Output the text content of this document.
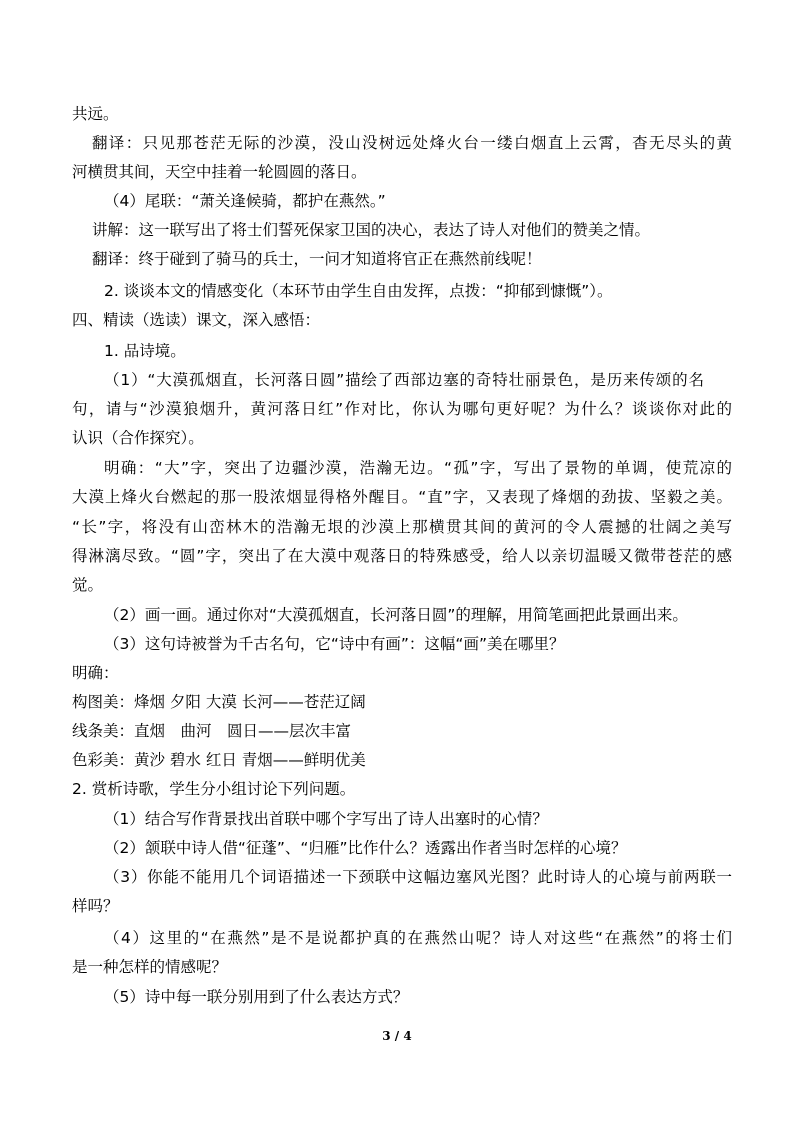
共远。
翻译：只见那苍茫无际的沙漠，没山没树远处烽火台一缕白烟直上云霄，杳无尽头的黄
河横贯其间，天空中挂着一轮圆圆的落日。
（4）尾联：“萧关逢候骑，都护在燕然。”
讲解：这一联写出了将士们誓死保家卫国的决心，表达了诗人对他们的赞美之情。
翻译：终于碰到了骑马的兵士，一问才知道将官正在燕然前线呢！
2. 谈谈本文的情感变化（本环节由学生自由发挥，点拨：“抑郁到慷慨”）。
四、精读（选读）课文，深入感悟：
1. 品诗境。
（1）“大漠孤烟直，长河落日圆”描绘了西部边塞的奇特壮丽景色，是历来传颂的名
句，请与“沙漠狼烟升，黄河落日红”作对比，你认为哪句更好呢？为什么？谈谈你对此的
认识（合作探究）。
明确：“大”字，突出了边疆沙漠，浩瀚无边。“孤”字，写出了景物的单调，使荒凉的
大漠上烽火台燃起的那一股浓烟显得格外醒目。“直”字，又表现了烽烟的劲拔、坚毅之美。
“长”字，将没有山峦林木的浩瀚无垠的沙漠上那横贯其间的黄河的令人震撼的壮阔之美写
得淋漓尽致。“圆”字，突出了在大漠中观落日的特殊感受，给人以亲切温暖又微带苍茫的感
觉。
（2）画一画。通过你对“大漠孤烟直，长河落日圆”的理解，用简笔画把此景画出来。
（3）这句诗被誉为千古名句，它“诗中有画”：这幅“画”美在哪里？
明确：
构图美：烽烟 夕阳 大漠 长河——苍茫辽阔
线条美：直烟　曲河　圆日——层次丰富
色彩美：黄沙 碧水 红日 青烟——鲜明优美
2. 赏析诗歌，学生分小组讨论下列问题。
（1）结合写作背景找出首联中哪个字写出了诗人出塞时的心情？
（2）颔联中诗人借“征蓬”、“归雁”比作什么？透露出作者当时怎样的心境？
（3）你能不能用几个词语描述一下颈联中这幅边塞风光图？此时诗人的心境与前两联一
样吗？
（4）这里的“在燕然”是不是说都护真的在燕然山呢？诗人对这些“在燕然”的将士们
是一种怎样的情感呢？
（5）诗中每一联分别用到了什么表达方式？
3 / 4
